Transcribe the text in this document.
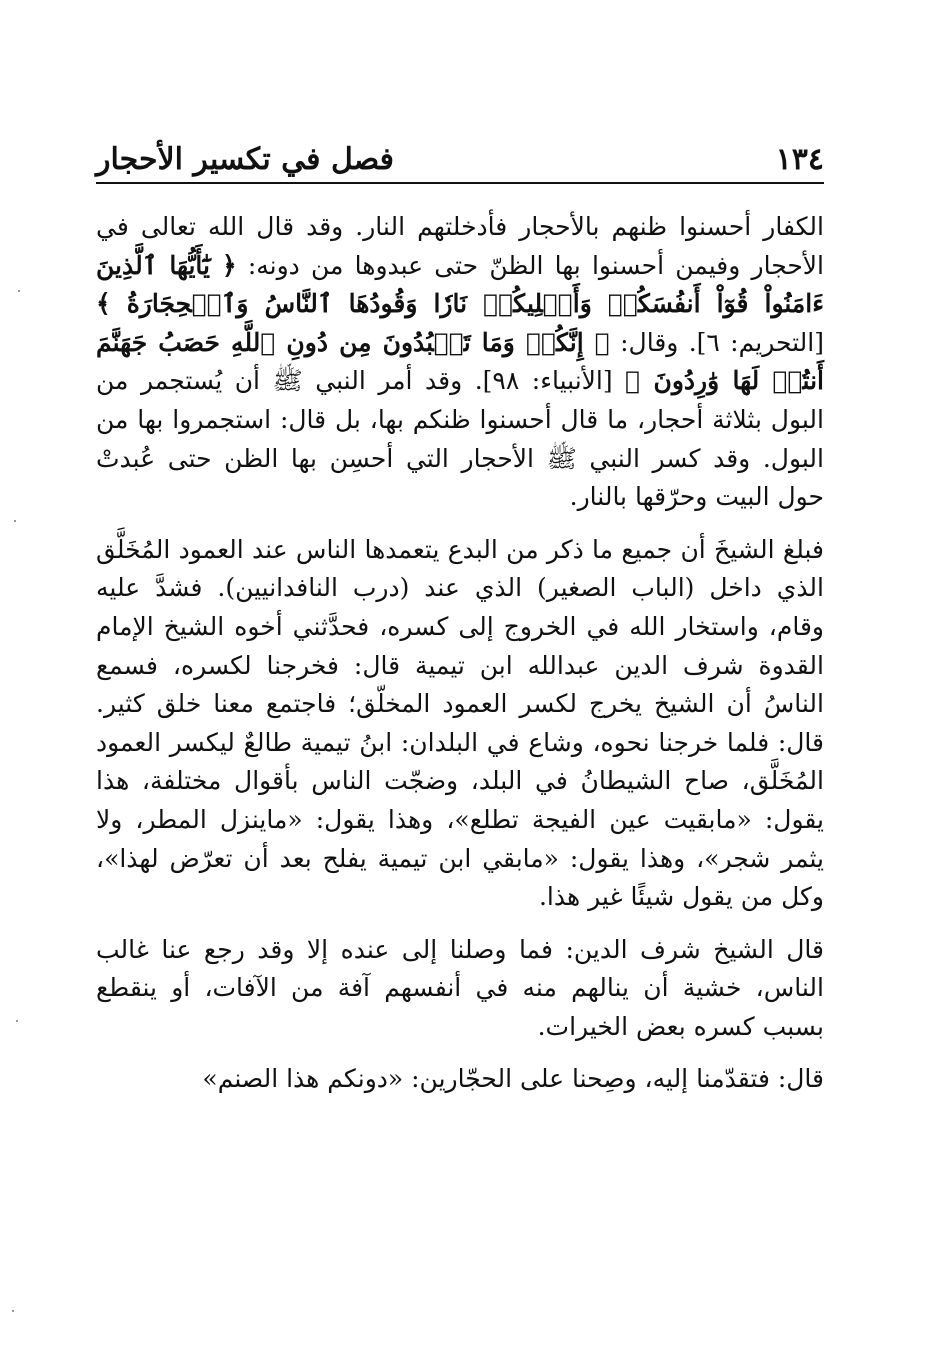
١٣٤
فصل في تكسير الأحجار

الكفار أحسنوا ظنهم بالأحجار فأدخلتهم النار. وقد قال الله تعالى في الأحجار وفيمن أحسنوا بها الظنّ حتى عبدوها من دونه: ﴿ يَٰٓأَيُّهَا ٱلَّذِينَ ءَامَنُواْ قُوٓاْ أَنفُسَكُمۡ وَأَهۡلِيكُمۡ نَارٗا وَقُودُهَا ٱلنَّاسُ وَٱلۡحِجَارَةُ ﴾ [التحريم: ٦]. وقال: ﴿ إِنَّكُمۡ وَمَا تَعۡبُدُونَ مِن دُونِ ٱللَّهِ حَصَبُ جَهَنَّمَ أَنتُمۡ لَهَا وَٰرِدُونَ ﴾ [الأنبياء: ٩٨]. وقد أمر النبي ﷺ أن يُستجمر من البول بثلاثة أحجار، ما قال أحسنوا ظنكم بها، بل قال: استجمروا بها من البول. وقد كسر النبي ﷺ الأحجار التي أحسِن بها الظن حتى عُبدتْ حول البيت وحرّقها بالنار.

فبلغ الشيخَ أن جميع ما ذكر من البدع يتعمدها الناس عند العمود المُخَلَّق الذي داخل (الباب الصغير) الذي عند (درب النافدانيين). فشدَّ عليه وقام، واستخار الله في الخروج إلى كسره، فحدَّثني أخوه الشيخ الإمام القدوة شرف الدين عبدالله ابن تيمية قال: فخرجنا لكسره، فسمع الناسُ أن الشيخ يخرج لكسر العمود المخلّق؛ فاجتمع معنا خلق كثير. قال: فلما خرجنا نحوه، وشاع في البلدان: ابنُ تيمية طالعٌ ليكسر العمود المُخَلَّق، صاح الشيطانُ في البلد، وضجّت الناس بأقوال مختلفة، هذا يقول: «مابقيت عين الفيجة تطلع»، وهذا يقول: «ماينزل المطر، ولا يثمر شجر»، وهذا يقول: «مابقي ابن تيمية يفلح بعد أن تعرّض لهذا»، وكل من يقول شيئًا غير هذا.

قال الشيخ شرف الدين: فما وصلنا إلى عنده إلا وقد رجع عنا غالب الناس، خشية أن ينالهم منه في أنفسهم آفة من الآفات، أو ينقطع بسبب كسره بعض الخيرات.

قال: فتقدّمنا إليه، وصِحنا على الحجّارين: «دونكم هذا الصنم»
